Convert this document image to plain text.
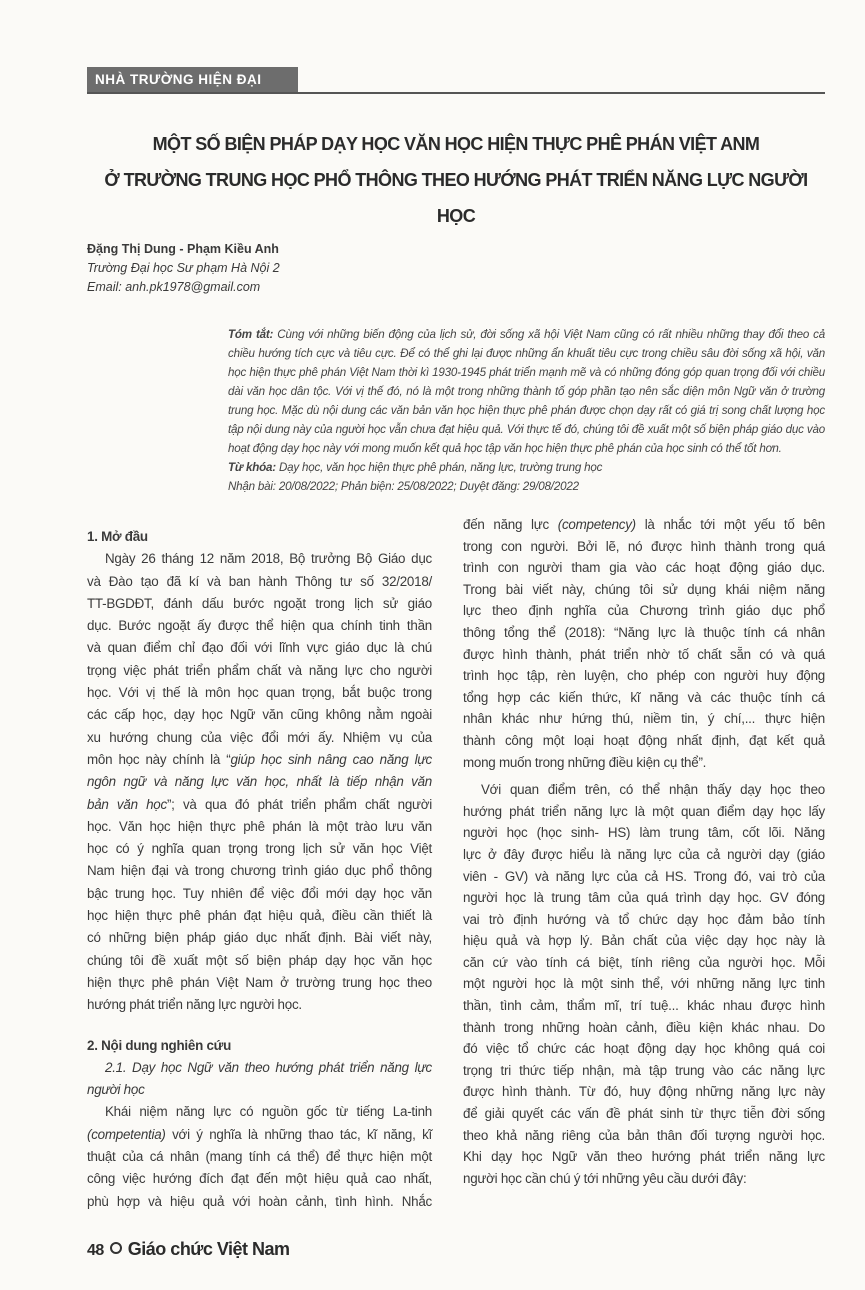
NHÀ TRƯỜNG HIỆN ĐẠI
MỘT SỐ BIỆN PHÁP DẠY HỌC VĂN HỌC HIỆN THỰC PHÊ PHÁN VIỆT ANM
Ở TRƯỜNG TRUNG HỌC PHỔ THÔNG THEO HƯỚNG PHÁT TRIỂN NĂNG LỰC NGƯỜI HỌC
Đặng Thị Dung - Phạm Kiều Anh
Trường Đại học Sư phạm Hà Nội 2
Email: anh.pk1978@gmail.com
Tóm tắt: Cùng với những biến động của lịch sử, đời sống xã hội Việt Nam cũng có rất nhiều những thay đổi theo cả chiều hướng tích cực và tiêu cực. Để có thể ghi lại được những ẩn khuất tiêu cực trong chiều sâu đời sống xã hội, văn học hiện thực phê phán Việt Nam thời kì 1930-1945 phát triển mạnh mẽ và có những đóng góp quan trọng đối với chiều dài văn học dân tộc. Với vị thế đó, nó là một trong những thành tố góp phần tạo nên sắc diện môn Ngữ văn ở trường trung học. Mặc dù nội dung các văn bản văn học hiện thực phê phán được chọn dạy rất có giá trị song chất lượng học tập nội dung này của người học vẫn chưa đạt hiệu quả. Với thực tế đó, chúng tôi đề xuất một số biện pháp giáo dục vào hoạt động dạy học này với mong muốn kết quả học tập văn học hiện thực phê phán của học sinh có thể tốt hơn.
Từ khóa: Dạy học, văn học hiện thực phê phán, năng lực, trường trung học
Nhận bài: 20/08/2022; Phản biện: 25/08/2022; Duyệt đăng: 29/08/2022
1. Mở đầu
Ngày 26 tháng 12 năm 2018, Bộ trưởng Bộ Giáo dục
và Đào tạo đã kí và ban hành Thông tư số 32/2018/
TT-BGDĐT, đánh dấu bước ngoặt trong lịch sử giáo
dục. Bước ngoặt ấy được thể hiện qua chính tinh thần
và quan điểm chỉ đạo đối với lĩnh vực giáo dục là chú
trọng việc phát triển phẩm chất và năng lực cho người
học. Với vị thế là môn học quan trọng, bắt buộc trong
các cấp học, dạy học Ngữ văn cũng không nằm ngoài
xu hướng chung của việc đổi mới ấy. Nhiệm vụ của
môn học này chính là “giúp học sinh nâng cao năng lực
ngôn ngữ và năng lực văn học, nhất là tiếp nhận văn
bản văn học”; và qua đó phát triển phẩm chất người
học. Văn học hiện thực phê phán là một trào lưu văn
học có ý nghĩa quan trọng trong lịch sử văn học Việt
Nam hiện đại và trong chương trình giáo dục phổ thông
bậc trung học. Tuy nhiên để việc đổi mới dạy học văn
học hiện thực phê phán đạt hiệu quả, điều cần thiết là
có những biện pháp giáo dục nhất định. Bài viết này,
chúng tôi đề xuất một số biện pháp dạy học văn học
hiện thực phê phán Việt Nam ở trường trung học theo
hướng phát triển năng lực người học.
2. Nội dung nghiên cứu
2.1. Dạy học Ngữ văn theo hướng phát triển năng lực
người học
Khái niệm năng lực có nguồn gốc từ tiếng La-tinh
(competentia) với ý nghĩa là những thao tác, kĩ năng, kĩ
thuật của cá nhân (mang tính cá thể) để thực hiện một
công việc hướng đích đạt đến một hiệu quả cao nhất,
phù hợp và hiệu quả với hoàn cảnh, tình hình. Nhắc
đến năng lực (competency) là nhắc tới một yếu tố bên
trong con người. Bởi lẽ, nó được hình thành trong quá
trình con người tham gia vào các hoạt động giáo dục.
Trong bài viết này, chúng tôi sử dụng khái niệm năng
lực theo định nghĩa của Chương trình giáo dục phổ
thông tổng thể (2018): “Năng lực là thuộc tính cá nhân
được hình thành, phát triển nhờ tố chất sẵn có và quá
trình học tập, rèn luyện, cho phép con người huy động
tổng hợp các kiến thức, kĩ năng và các thuộc tính cá
nhân khác như hứng thú, niềm tin, ý chí,... thực hiện
thành công một loại hoạt động nhất định, đạt kết quả
mong muốn trong những điều kiện cụ thể”.
Với quan điểm trên, có thể nhận thấy dạy học theo
hướng phát triển năng lực là một quan điểm dạy học lấy
người học (học sinh- HS) làm trung tâm, cốt lõi. Năng
lực ở đây được hiểu là năng lực của cả người dạy (giáo
viên - GV) và năng lực của cả HS. Trong đó, vai trò của
người học là trung tâm của quá trình dạy học. GV đóng
vai trò định hướng và tổ chức dạy học đảm bảo tính
hiệu quả và hợp lý. Bản chất của việc dạy học này là
căn cứ vào tính cá biệt, tính riêng của người học. Mỗi
một người học là một sinh thể, với những năng lực tinh
thần, tình cảm, thẩm mĩ, trí tuệ... khác nhau được hình
thành trong những hoàn cảnh, điều kiện khác nhau. Do
đó việc tổ chức các hoạt động dạy học không quá coi
trọng tri thức tiếp nhận, mà tập trung vào các năng lực
được hình thành. Từ đó, huy động những năng lực này
để giải quyết các vấn đề phát sinh từ thực tiễn đời sống
theo khả năng riêng của bản thân đối tượng người học.
Khi dạy học Ngữ văn theo hướng phát triển năng lực
người học cần chú ý tới những yêu cầu dưới đây:
48 Giáo chức Việt Nam
